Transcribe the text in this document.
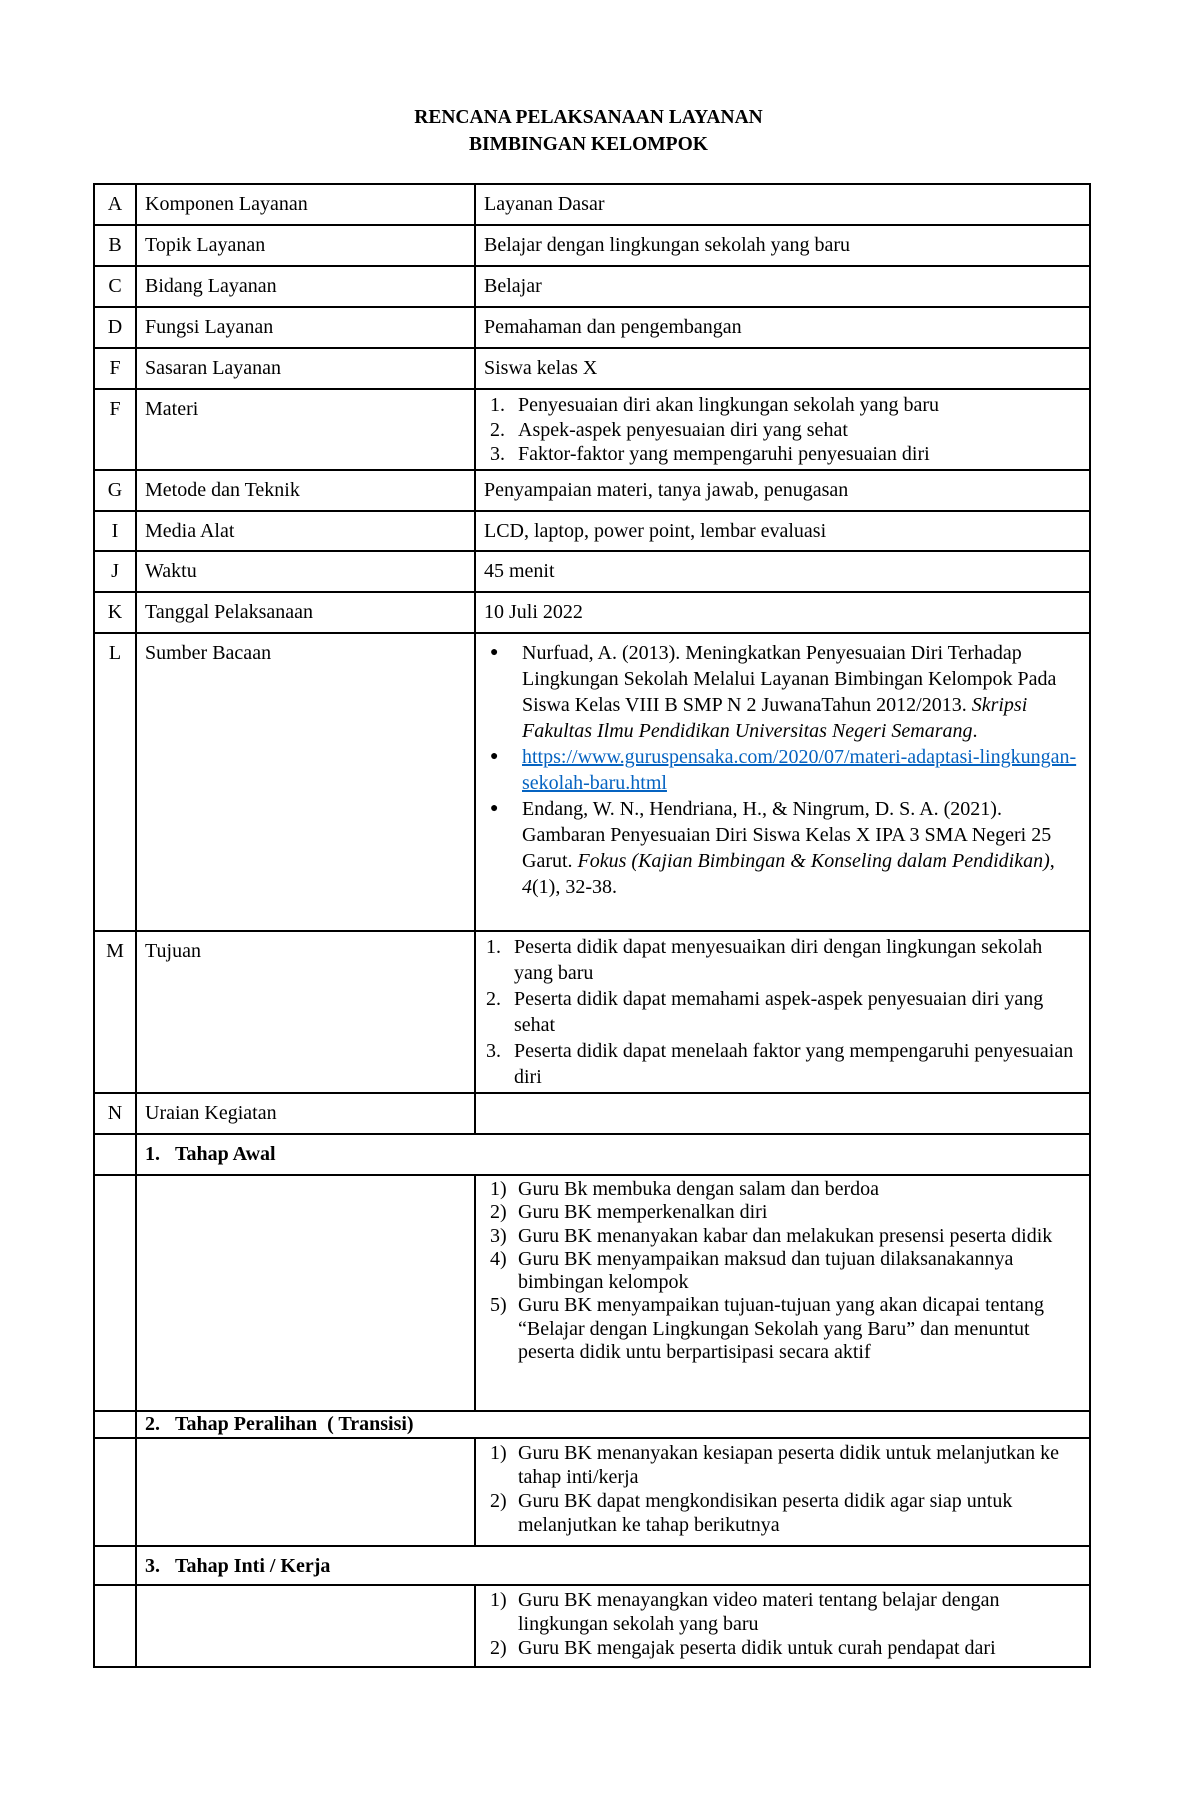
RENCANA PELAKSANAAN LAYANAN
BIMBINGAN KELOMPOK
A	Komponen Layanan	Layanan Dasar
B	Topik Layanan	Belajar dengan lingkungan sekolah yang baru
C	Bidang Layanan	Belajar
D	Fungsi Layanan	Pemahaman dan pengembangan
F	Sasaran Layanan	Siswa kelas X
F	Materi	1. Penyesuaian diri akan lingkungan sekolah yang baru
2. Aspek-aspek penyesuaian diri yang sehat
3. Faktor-faktor yang mempengaruhi penyesuaian diri

G	Metode dan Teknik	Penyampaian materi, tanya jawab, penugasan
I	Media Alat	LCD, laptop, power point, lembar evaluasi
J	Waktu	45 menit
K	Tanggal Pelaksanaan	10 Juli 2022
L	Sumber Bacaan	● Nurfuad, A. (2013). Meningkatkan Penyesuaian Diri Terhadap Lingkungan Sekolah Melalui Layanan Bimbingan Kelompok Pada Siswa Kelas VIII B SMP N 2 JuwanaTahun 2012/2013. Skripsi Fakultas Ilmu Pendidikan Universitas Negeri Semarang.
● https://www.guruspensaka.com/2020/07/materi-adaptasi-lingkungan-sekolah-baru.html
● Endang, W. N., Hendriana, H., & Ningrum, D. S. A. (2021). Gambaran Penyesuaian Diri Siswa Kelas X IPA 3 SMA Negeri 25 Garut. Fokus (Kajian Bimbingan & Konseling dalam Pendidikan), 4(1), 32-38.

M	Tujuan	1. Peserta didik dapat menyesuaikan diri dengan lingkungan sekolah yang baru
2. Peserta didik dapat memahami aspek-aspek penyesuaian diri yang sehat
3. Peserta didik dapat menelaah faktor yang mempengaruhi penyesuaian diri

N	Uraian Kegiatan	
	1. Tahap Awal	

1) Guru Bk membuka dengan salam dan berdoa
2) Guru BK memperkenalkan diri
3) Guru BK menanyakan kabar dan melakukan presensi peserta didik
4) Guru BK menyampaikan maksud dan tujuan dilaksanakannya bimbingan kelompok
5) Guru BK menyampaikan tujuan-tujuan yang akan dicapai tentang “Belajar dengan Lingkungan Sekolah yang Baru” dan menuntut peserta didik untu berpartisipasi secara aktif

	2. Tahap Peralihan  ( Transisi)	

1) Guru BK menanyakan kesiapan peserta didik untuk melanjutkan ke tahap inti/kerja
2) Guru BK dapat mengkondisikan peserta didik agar siap untuk melanjutkan ke tahap berikutnya

	3. Tahap Inti / Kerja	

1) Guru BK menayangkan video materi tentang belajar dengan lingkungan sekolah yang baru
2) Guru BK mengajak peserta didik untuk curah pendapat dari
